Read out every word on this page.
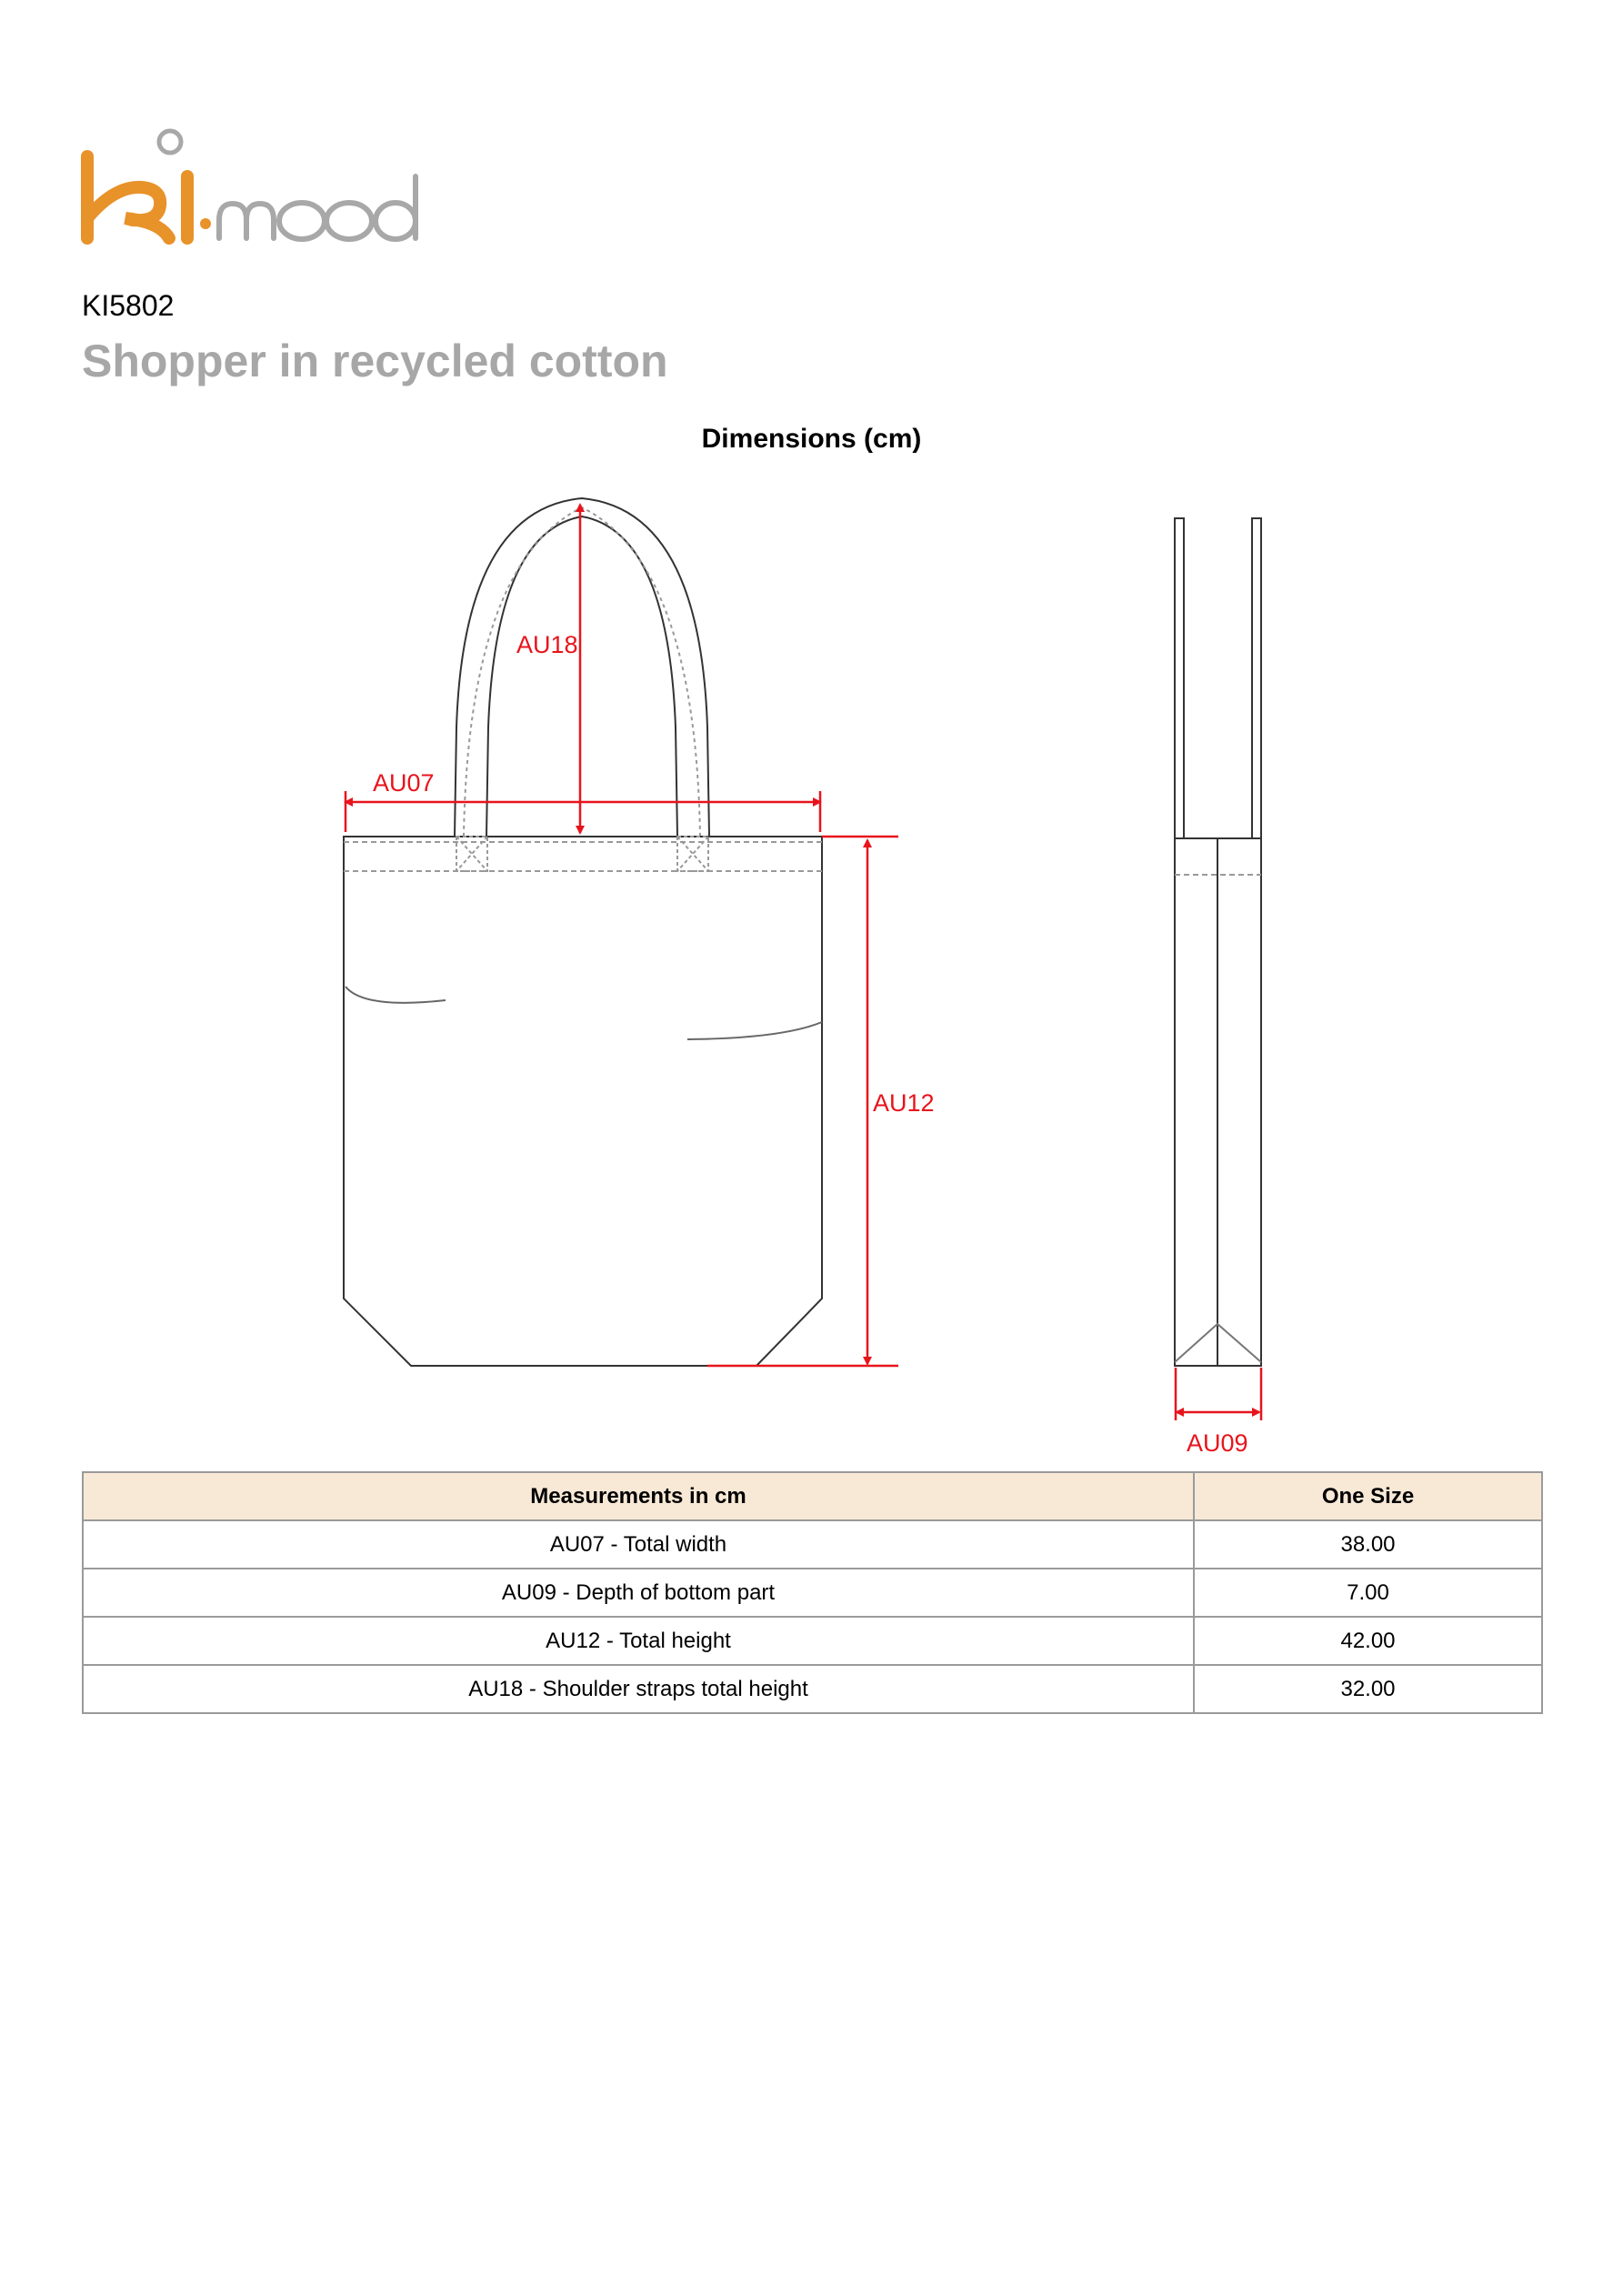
KI5802
Shopper in recycled cotton
Dimensions (cm)
AU07
AU18
AU12
AU09
Measurements in cm	One Size
AU07 - Total width	38.00
AU09 - Depth of bottom part	7.00
AU12 - Total height	42.00
AU18 - Shoulder straps total height	32.00
